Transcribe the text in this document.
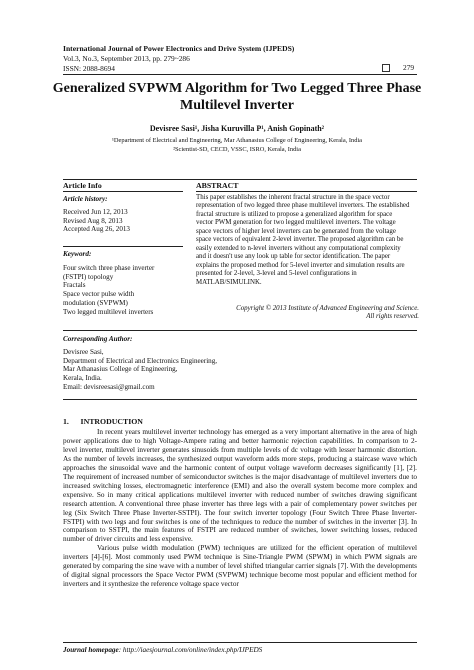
International Journal of Power Electronics and Drive System (IJPEDS)
Vol.3, No.3, September 2013, pp. 279~286
ISSN: 2088-8694	279
Generalized SVPWM Algorithm for Two Legged Three Phase
Multilevel Inverter
Devisree Sasi¹, Jisha Kuruvilla P¹, Anish Gopinath²
¹Department of Electrical and Engineering, Mar Athanasius College of Engineering, Kerala, India
²Scientist-SD, CECD, VSSC, ISRO, Kerala, India
Article Info	ABSTRACT
Article history:
Received Jun 12, 2013
Revised Aug 8, 2013
Accepted Aug 26, 2013
Keyword:
Four switch three phase inverter
(FSTPI) topology
Fractals
Space vector pulse width
modulation (SVPWM)
Two legged multilevel inverters
This paper establishes the inherent fractal structure in the space vector
representation of two legged three phase multilevel inverters. The established
fractal structure is utilized to propose a generalized algorithm for space
vector PWM generation for two legged multilevel inverters. The voltage
space vectors of higher level inverters can be generated from the voltage
space vectors of equivalent 2-level inverter. The proposed algorithm can be
easily extended to n-level inverters without any computational complexity
and it doesn't use any look up table for sector identification. The paper
explains the proposed method for 5-level inverter and simulation results are
presented for 2-level, 3-level and 5-level configurations in
MATLAB/SIMULINK.
Copyright © 2013 Institute of Advanced Engineering and Science.
All rights reserved.
Corresponding Author:
Devisree Sasi,
Department of Electrical and Electronics Engineering,
Mar Athanasius College of Engineering,
Kerala, India.
Email: devisreesasi@gmail.com
1.      INTRODUCTION

In recent years multilevel inverter technology has emerged as a very important alternative in the area of high power applications due to high Voltage-Ampere rating and better harmonic rejection capabilities. In comparison to 2-level inverter, multilevel inverter generates sinusoids from multiple levels of dc voltage with lesser harmonic distortion. As the number of levels increases, the synthesized output waveform adds more steps, producing a staircase wave which approaches the sinusoidal wave and the harmonic content of output voltage waveform decreases significantly [1], [2]. The requirement of increased number of semiconductor switches is the major disadvantage of multilevel inverters due to increased switching losses, electromagnetic interference (EMI) and also the overall system become more complex and expensive. So in many critical applications multilevel inverter with reduced number of switches drawing significant research attention. A conventional three phase inverter has three legs with a pair of complementary power switches per leg (Six Switch Three Phase Inverter-SSTPI). The four switch inverter topology (Four Switch Three Phase Inverter-FSTPI) with two legs and four switches is one of the techniques to reduce the number of switches in the inverter [3]. In comparison to SSTPI, the main features of FSTPI are reduced number of switches, lower switching losses, reduced number of driver circuits and less expensive.

Various pulse width modulation (PWM) techniques are utilized for the efficient operation of multilevel inverters [4]-[6]. Most commonly used PWM technique is Sine-Triangle PWM (SPWM) in which PWM signals are generated by comparing the sine wave with a number of level shifted triangular carrier signals [7]. With the developments of digital signal processors the Space Vector PWM (SVPWM) technique become most popular and efficient method for inverters and it synthesize the reference voltage space vector

Journal homepage: http://iaesjournal.com/online/index.php/IJPEDS
